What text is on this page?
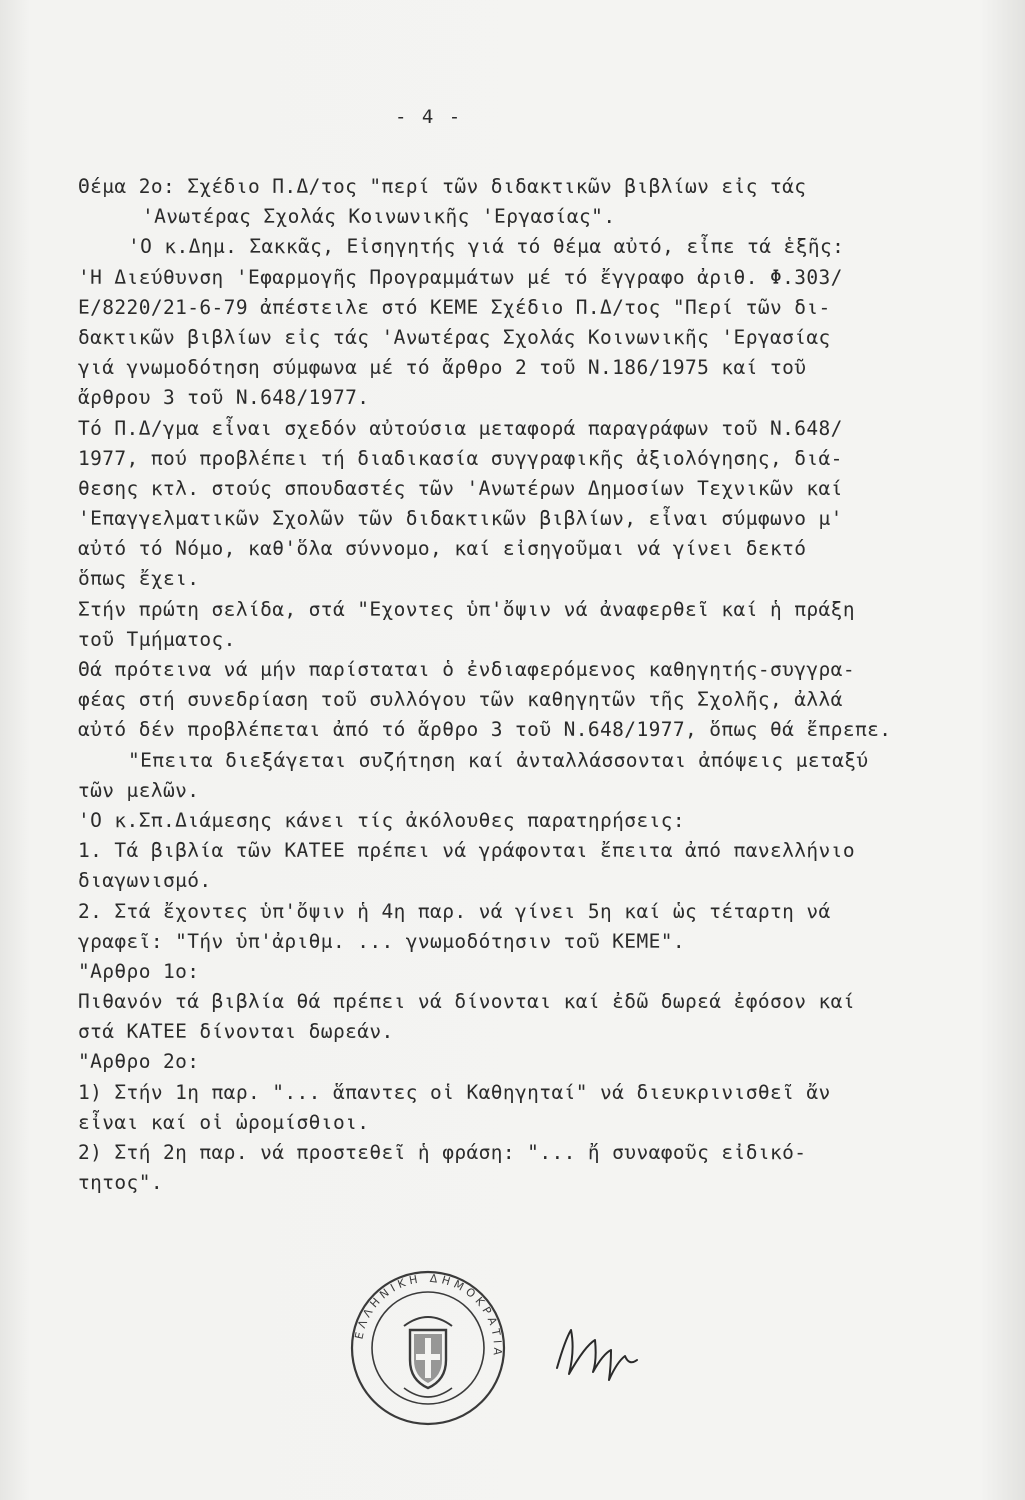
- 4 -
Θέμα 2ο: Σχέδιο Π.Δ/τος "περί τῶν διδακτικῶν βιβλίων εἰς τάς
'Ανωτέρας Σχολάς Κοινωνικῆς 'Εργασίας".
'Ο κ.Δημ. Σακκᾶς, Εἰσηγητής γιά τό θέμα αὐτό, εἶπε τά ἑξῆς:
'Η Διεύθυνση 'Εφαρμογῆς Προγραμμάτων μέ τό ἔγγραφο ἀριθ. Φ.303/
Ε/8220/21-6-79 ἀπέστειλε στό ΚΕΜΕ Σχέδιο Π.Δ/τος "Περί τῶν δι-
δακτικῶν βιβλίων εἰς τάς 'Ανωτέρας Σχολάς Κοινωνικῆς 'Εργασίας
γιά γνωμοδότηση σύμφωνα μέ τό ἄρθρο 2 τοῦ Ν.186/1975 καί τοῦ
ἄρθρου 3 τοῦ Ν.648/1977.
Τό Π.Δ/γμα εἶναι σχεδόν αὐτούσια μεταφορά παραγράφων τοῦ Ν.648/
1977, πού προβλέπει τή διαδικασία συγγραφικῆς ἀξιολόγησης, διά-
θεσης κτλ. στούς σπουδαστές τῶν 'Ανωτέρων Δημοσίων Τεχνικῶν καί
'Επαγγελματικῶν Σχολῶν τῶν διδακτικῶν βιβλίων, εἶναι σύμφωνο μ'
αὐτό τό Νόμο, καθ'ὅλα σύννομο, καί εἰσηγοῦμαι νά γίνει δεκτό
ὅπως ἔχει.
Στήν πρώτη σελίδα, στά "Εχοντες ὑπ'ὄψιν νά ἀναφερθεῖ καί ἡ πράξη
τοῦ Τμήματος.
Θά πρότεινα νά μήν παρίσταται ὁ ἐνδιαφερόμενος καθηγητής-συγγρα-
φέας στή συνεδρίαση τοῦ συλλόγου τῶν καθηγητῶν τῆς Σχολῆς, ἀλλά
αὐτό δέν προβλέπεται ἀπό τό ἄρθρο 3 τοῦ Ν.648/1977, ὅπως θά ἔπρεπε.
"Επειτα διεξάγεται συζήτηση καί ἀνταλλάσσονται ἀπόψεις μεταξύ
τῶν μελῶν.
'Ο κ.Σπ.Διάμεσης κάνει τίς ἀκόλουθες παρατηρήσεις:
1. Τά βιβλία τῶν ΚΑΤΕΕ πρέπει νά γράφονται ἔπειτα ἀπό πανελλήνιο
διαγωνισμό.
2. Στά ἔχοντες ὑπ'ὄψιν ἡ 4η παρ. νά γίνει 5η καί ὡς τέταρτη νά
γραφεῖ: "Τήν ὑπ'ἀριθμ. ... γνωμοδότησιν τοῦ ΚΕΜΕ".
"Αρθρο 1ο:
Πιθανόν τά βιβλία θά πρέπει νά δίνονται καί ἐδῶ δωρεά ἐφόσον καί
στά ΚΑΤΕΕ δίνονται δωρεάν.
"Αρθρο 2ο:
1) Στήν 1η παρ. "... ἅπαντες οἱ Καθηγηταί" νά διευκρινισθεῖ ἄν
εἶναι καί οἱ ὡρομίσθιοι.
2) Στή 2η παρ. νά προστεθεῖ ἡ φράση: "... ἤ συναφοῦς εἰδικό-
τητος".
ΕΛΛΗΝΙΚΗ ΔΗΜΟΚΡΑΤΙΑ
